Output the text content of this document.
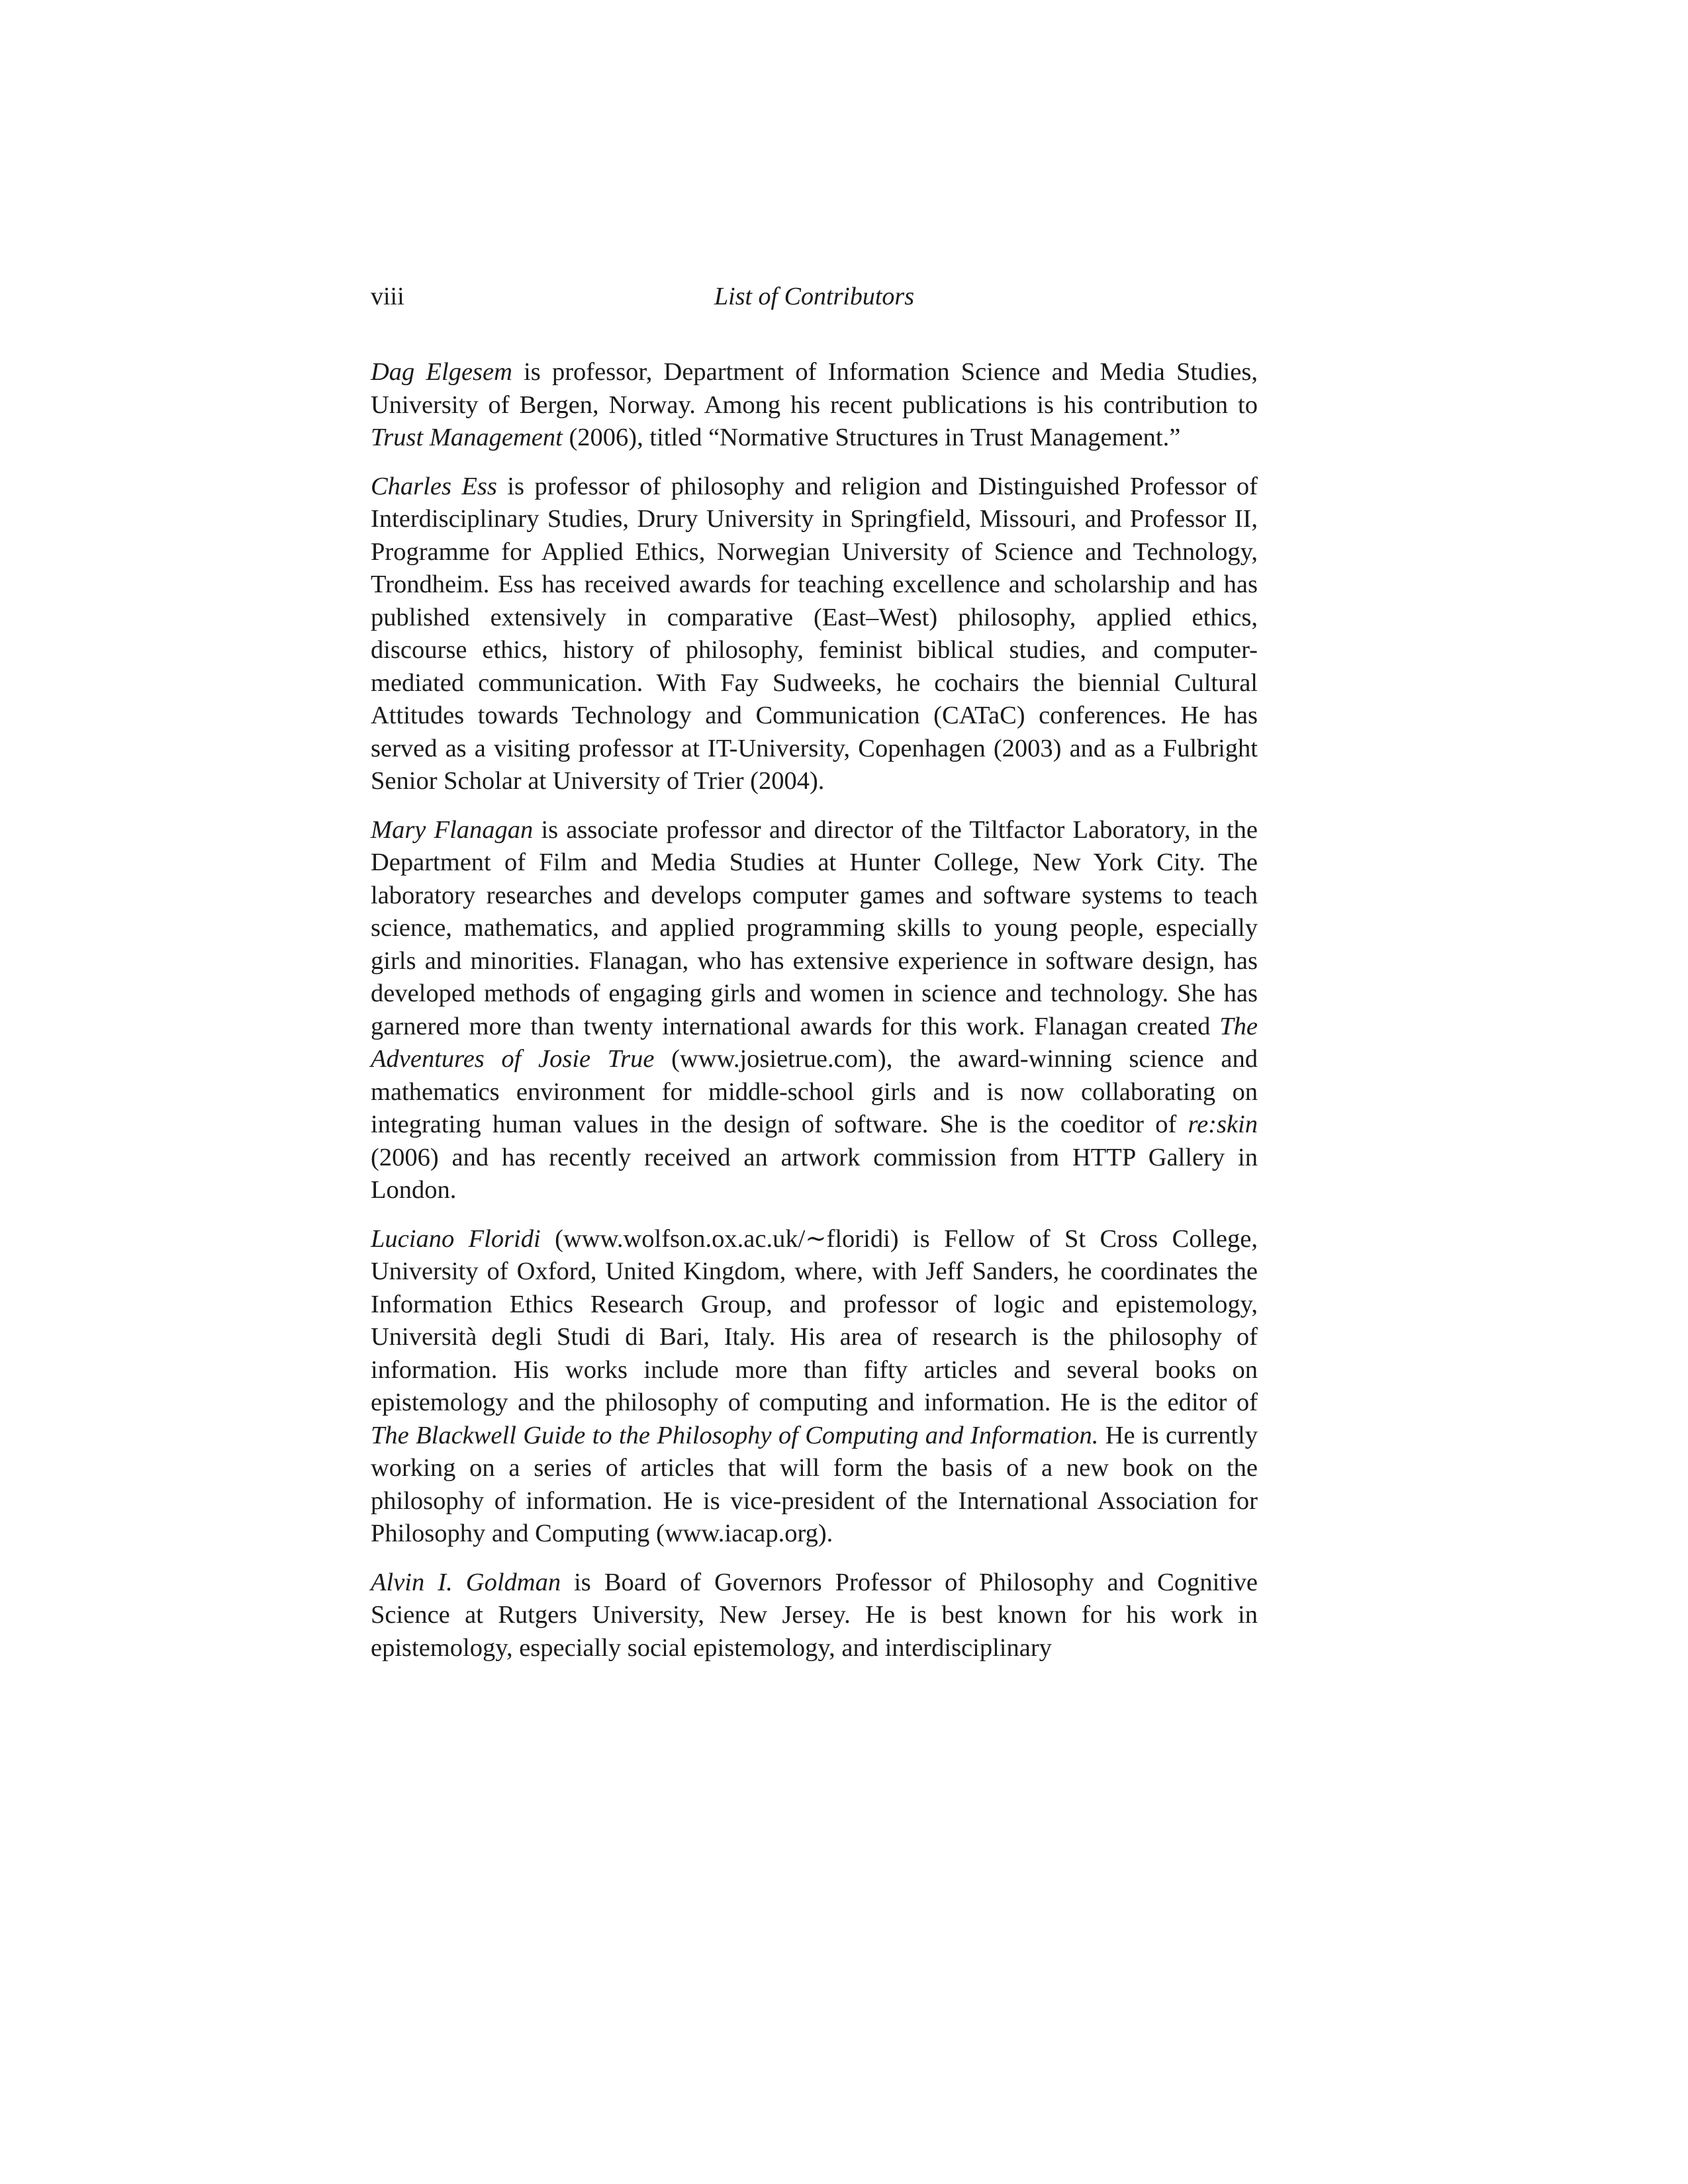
viii	List of Contributors

Dag Elgesem is professor, Department of Information Science and Media Studies, University of Bergen, Norway. Among his recent publications is his contribution to Trust Management (2006), titled “Normative Structures in Trust Management.”

Charles Ess is professor of philosophy and religion and Distinguished Professor of Interdisciplinary Studies, Drury University in Springfield, Missouri, and Professor II, Programme for Applied Ethics, Norwegian University of Science and Technology, Trondheim. Ess has received awards for teaching excellence and scholarship and has published extensively in comparative (East–West) philosophy, applied ethics, discourse ethics, history of philosophy, feminist biblical studies, and computer-mediated communication. With Fay Sudweeks, he cochairs the biennial Cultural Attitudes towards Technology and Communication (CATaC) conferences. He has served as a visiting professor at IT-University, Copenhagen (2003) and as a Fulbright Senior Scholar at University of Trier (2004).

Mary Flanagan is associate professor and director of the Tiltfactor Laboratory, in the Department of Film and Media Studies at Hunter College, New York City. The laboratory researches and develops computer games and software systems to teach science, mathematics, and applied programming skills to young people, especially girls and minorities. Flanagan, who has extensive experience in software design, has developed methods of engaging girls and women in science and technology. She has garnered more than twenty international awards for this work. Flanagan created The Adventures of Josie True (www.josietrue.com), the award-winning science and mathematics environment for middle-school girls and is now collaborating on integrating human values in the design of software. She is the coeditor of re:skin (2006) and has recently received an artwork commission from HTTP Gallery in London.

Luciano Floridi (www.wolfson.ox.ac.uk/∼floridi) is Fellow of St Cross College, University of Oxford, United Kingdom, where, with Jeff Sanders, he coordinates the Information Ethics Research Group, and professor of logic and epistemology, Università degli Studi di Bari, Italy. His area of research is the philosophy of information. His works include more than fifty articles and several books on epistemology and the philosophy of computing and information. He is the editor of The Blackwell Guide to the Philosophy of Computing and Information. He is currently working on a series of articles that will form the basis of a new book on the philosophy of information. He is vice-president of the International Association for Philosophy and Computing (www.iacap.org).

Alvin I. Goldman is Board of Governors Professor of Philosophy and Cognitive Science at Rutgers University, New Jersey. He is best known for his work in epistemology, especially social epistemology, and interdisciplinary
